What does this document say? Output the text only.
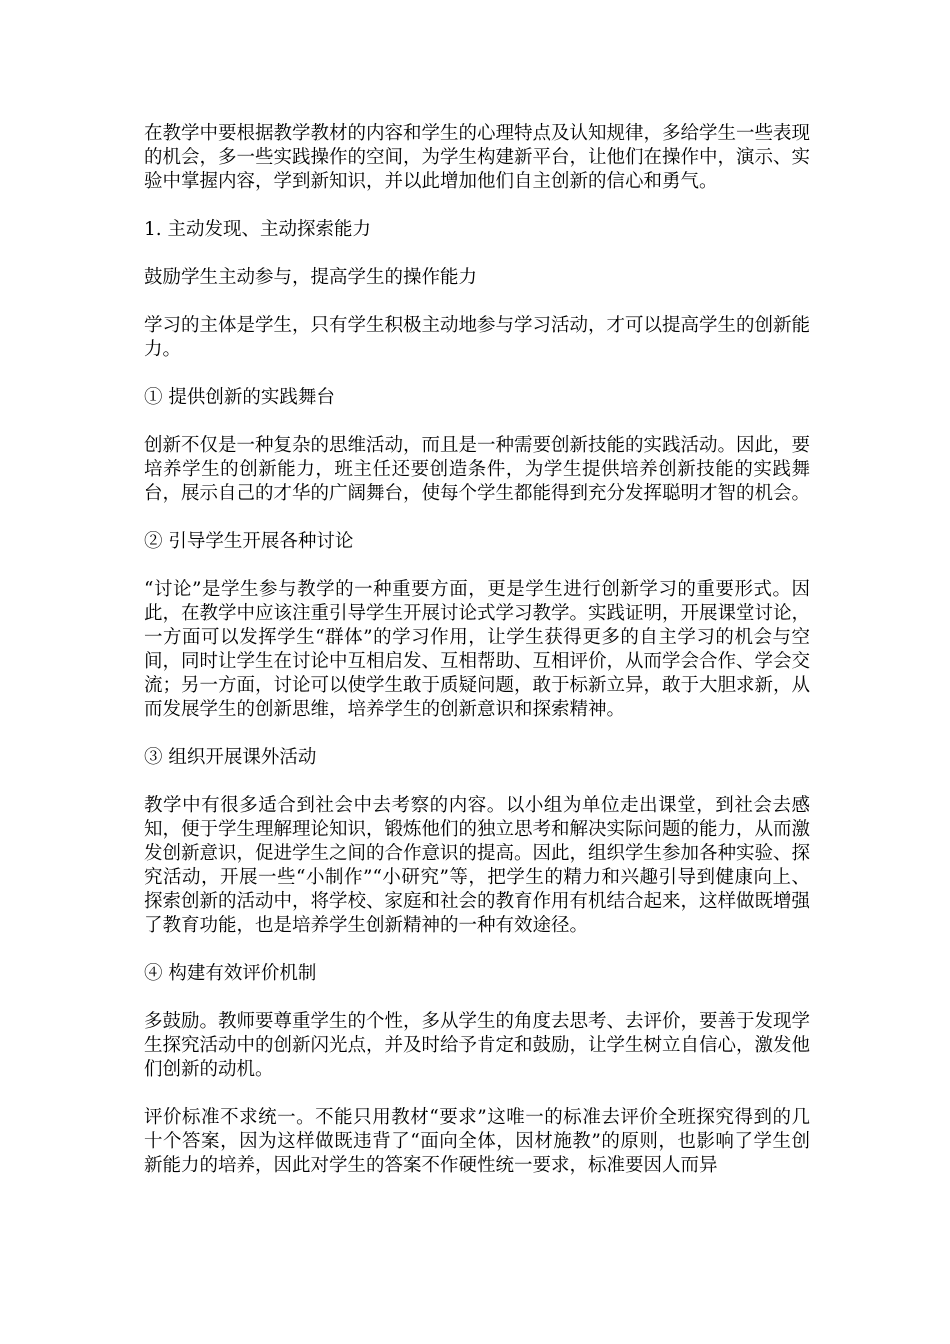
在教学中要根据教学教材的内容和学生的心理特点及认知规律，多给学生一些表现的机会，多一些实践操作的空间，为学生构建新平台，让他们在操作中，演示、实验中掌握内容，学到新知识，并以此增加他们自主创新的信心和勇气。

1. 主动发现、主动探索能力

鼓励学生主动参与，提高学生的操作能力

学习的主体是学生，只有学生积极主动地参与学习活动，才可以提高学生的创新能力。

① 提供创新的实践舞台

创新不仅是一种复杂的思维活动，而且是一种需要创新技能的实践活动。因此，要培养学生的创新能力，班主任还要创造条件，为学生提供培养创新技能的实践舞台，展示自己的才华的广阔舞台，使每个学生都能得到充分发挥聪明才智的机会。

② 引导学生开展各种讨论

“讨论”是学生参与教学的一种重要方面，更是学生进行创新学习的重要形式。因此，在教学中应该注重引导学生开展讨论式学习教学。实践证明，开展课堂讨论，一方面可以发挥学生“群体”的学习作用，让学生获得更多的自主学习的机会与空间，同时让学生在讨论中互相启发、互相帮助、互相评价，从而学会合作、学会交流；另一方面，讨论可以使学生敢于质疑问题，敢于标新立异，敢于大胆求新，从而发展学生的创新思维，培养学生的创新意识和探索精神。

③ 组织开展课外活动

教学中有很多适合到社会中去考察的内容。以小组为单位走出课堂，到社会去感知，便于学生理解理论知识，锻炼他们的独立思考和解决实际问题的能力，从而激发创新意识，促进学生之间的合作意识的提高。因此，组织学生参加各种实验、探究活动，开展一些“小制作”“小研究”等，把学生的精力和兴趣引导到健康向上、探索创新的活动中，将学校、家庭和社会的教育作用有机结合起来，这样做既增强了教育功能，也是培养学生创新精神的一种有效途径。

④ 构建有效评价机制

多鼓励。教师要尊重学生的个性，多从学生的角度去思考、去评价，要善于发现学生探究活动中的创新闪光点，并及时给予肯定和鼓励，让学生树立自信心，激发他们创新的动机。

评价标准不求统一。不能只用教材“要求”这唯一的标准去评价全班探究得到的几十个答案，因为这样做既违背了“面向全体，因材施教”的原则，也影响了学生创新能力的培养，因此对学生的答案不作硬性统一要求，标准要因人而异
